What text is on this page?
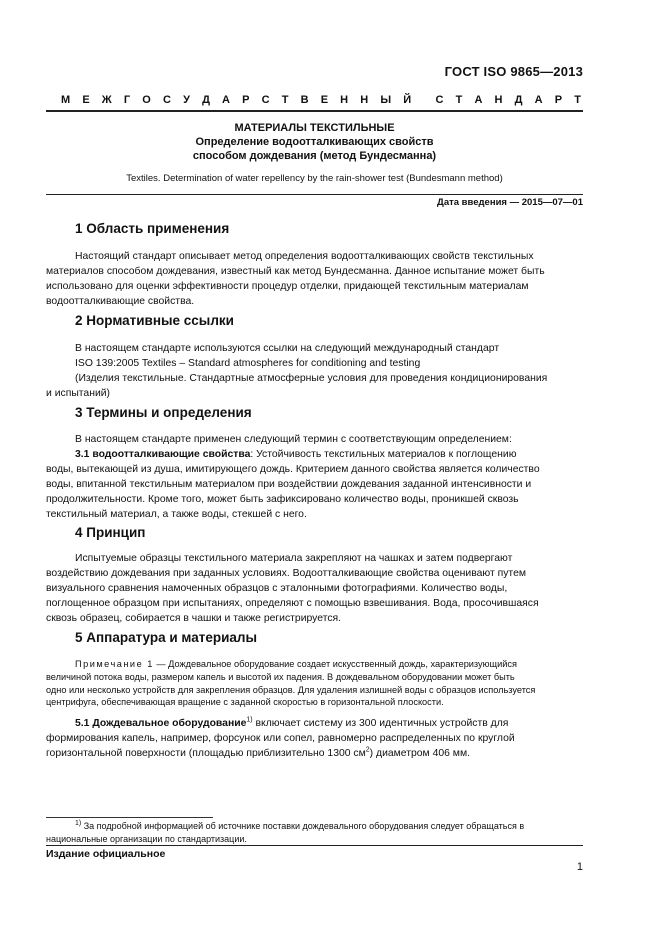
ГОСТ ISO 9865—2013
М Е Ж Г О С У Д А Р С Т В Е Н Н Ы Й С Т А Н Д А Р Т
МАТЕРИАЛЫ ТЕКСТИЛЬНЫЕ
Определение водоотталкивающих свойств
способом дождевания (метод Бундесманна)
Textiles. Determination of water repellency by the rain-shower test (Bundesmann method)
Дата введения — 2015—07—01
1 Область применения
Настоящий стандарт описывает метод определения водоотталкивающих свойств текстильных
материалов способом дождевания, известный как метод Бундесманна. Данное испытание может быть
использовано для оценки эффективности процедур отделки, придающей текстильным материалам
водоотталкивающие свойства.
2 Нормативные ссылки
В настоящем стандарте используются ссылки на следующий международный стандарт
ISO 139:2005 Textiles – Standard atmospheres for conditioning and testing
(Изделия текстильные. Стандартные атмосферные условия для проведения кондиционирования
и испытаний)
3 Термины и определения
В настоящем стандарте применен следующий термин с соответствующим определением:
3.1 водоотталкивающие свойства: Устойчивость текстильных материалов к поглощению
воды, вытекающей из душа, имитирующего дождь. Критерием данного свойства является количество
воды, впитанной текстильным материалом при воздействии дождевания заданной интенсивности и
продолжительности. Кроме того, может быть зафиксировано количество воды, проникшей сквозь
текстильный материал, а также воды, стекшей с него.
4 Принцип
Испытуемые образцы текстильного материала закрепляют на чашках и затем подвергают
воздействию дождевания при заданных условиях. Водоотталкивающие свойства оценивают путем
визуального сравнения намоченных образцов с эталонными фотографиями. Количество воды,
поглощенное образцом при испытаниях, определяют с помощью взвешивания. Вода, просочившаяся
сквозь образец, собирается в чашки и также регистрируется.
5 Аппаратура и материалы
Примечание 1 — Дождевальное оборудование создает искусственный дождь, характеризующийся
величиной потока воды, размером капель и высотой их падения. В дождевальном оборудовании может быть
одно или несколько устройств для закрепления образцов. Для удаления излишней воды с образцов используется
центрифуга, обеспечивающая вращение с заданной скоростью в горизонтальной плоскости.
5.1 Дождевальное оборудование$^{1)}$ включает систему из 300 идентичных устройств для
формирования капель, например, форсунок или сопел, равномерно распределенных по круглой
горизонтальной поверхности (площадью приблизительно 1300 $см^2$) диаметром 406 мм.
$^{1)}$ За подробной информацией об источнике поставки дождевального оборудования следует обращаться в
национальные организации по стандартизации.
Издание официальное
1
